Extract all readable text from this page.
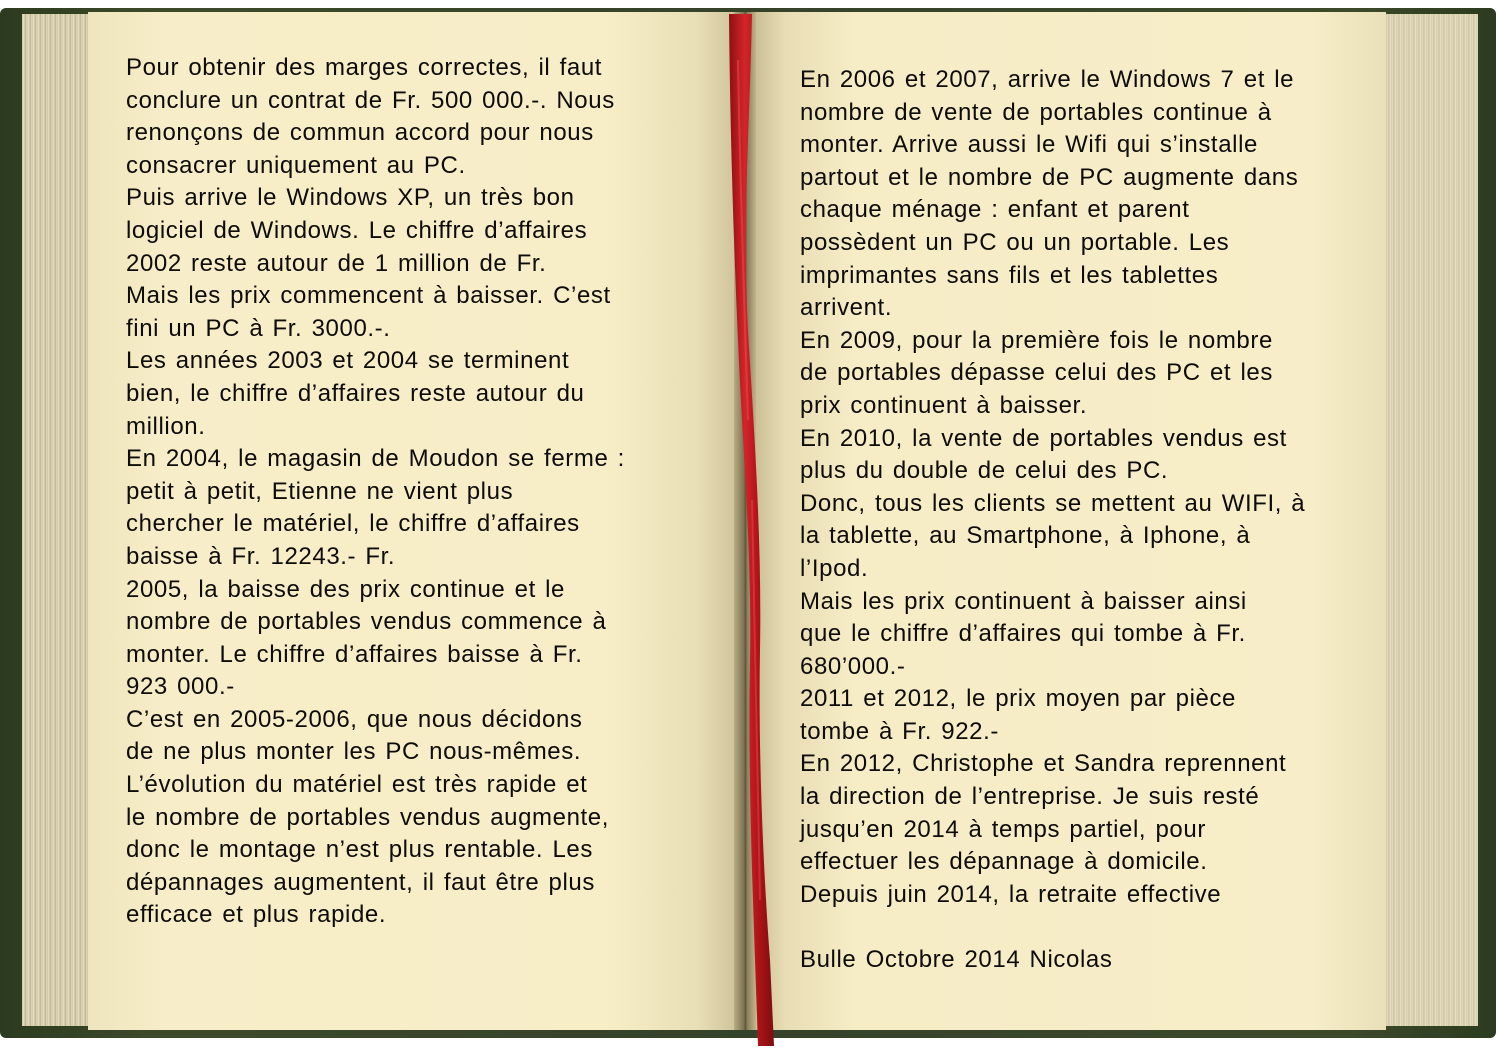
Pour obtenir des marges correctes, il faut
conclure un contrat de Fr. 500 000.-. Nous
renonçons de commun accord pour nous
consacrer uniquement au PC.
Puis arrive le Windows XP, un très bon
logiciel de Windows. Le chiffre d’affaires
2002 reste autour de 1 million de Fr.
Mais les prix commencent à baisser. C’est
fini un PC à Fr. 3000.-.
Les années 2003 et 2004 se terminent
bien, le chiffre d’affaires reste autour du
million.
En 2004, le magasin de Moudon se ferme :
petit à petit, Etienne ne vient plus
chercher le matériel, le chiffre d’affaires
baisse à Fr. 12243.- Fr.
2005, la baisse des prix continue et le
nombre de portables vendus commence à
monter. Le chiffre d’affaires baisse à Fr.
923 000.-
C’est en 2005-2006, que nous décidons
de ne plus monter les PC nous-mêmes.
L’évolution du matériel est très rapide et
le nombre de portables vendus augmente,
donc le montage n’est plus rentable. Les
dépannages augmentent, il faut être plus
efficace et plus rapide.
En 2006 et 2007, arrive le Windows 7 et le
nombre de vente de portables continue à
monter. Arrive aussi le Wifi qui s’installe
partout et le nombre de PC augmente dans
chaque ménage : enfant et parent
possèdent un PC ou un portable. Les
imprimantes sans fils et les tablettes
arrivent.
En 2009, pour la première fois le nombre
de portables dépasse celui des PC et les
prix continuent à baisser.
En 2010, la vente de portables vendus est
plus du double de celui des PC.
Donc, tous les clients se mettent au WIFI, à
la tablette, au Smartphone, à Iphone, à
l’Ipod.
Mais les prix continuent à baisser ainsi
que le chiffre d’affaires qui tombe à Fr.
680’000.-
2011 et 2012, le prix moyen par pièce
tombe à Fr. 922.-
En 2012, Christophe et Sandra reprennent
la direction de l’entreprise. Je suis resté
jusqu’en 2014 à temps partiel, pour
effectuer les dépannage à domicile.
Depuis juin 2014, la retraite effective
Bulle Octobre 2014 Nicolas
